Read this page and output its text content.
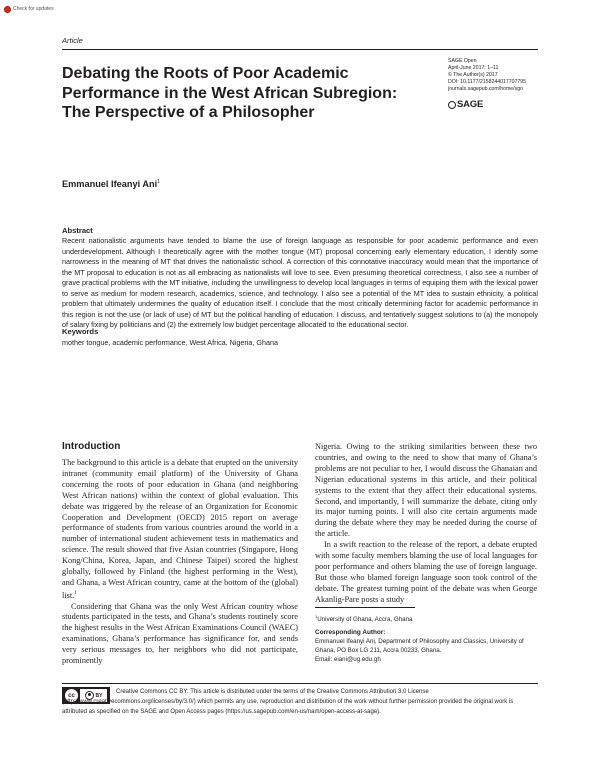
Check for updates
Article
Debating the Roots of Poor Academic Performance in the West African Subregion: The Perspective of a Philosopher
SAGE Open
April-June 2017: 1–11
© The Author(s) 2017
DOI: 10.1177/2158244017707795
journals.sagepub.com/home/sgo
SAGE
Emmanuel Ifeanyi Ani$^1$
Abstract

Recent nationalistic arguments have tended to blame the use of foreign language as responsible for poor academic performance and even underdevelopment. Although I theoretically agree with the mother tongue (MT) proposal concerning early elementary education, I identify some narrowness in the meaning of MT that drives the nationalistic school. A correction of this connotative inaccuracy would mean that the importance of the MT proposal to education is not as all embracing as nationalists will love to see. Even presuming theoretical correctness, I also see a number of grave practical problems with the MT initiative, including the unwillingness to develop local languages in terms of equiping them with the lexical power to serve as medium for modern research, academics, science, and technology. I also see a potential of the MT idea to sustain ethnicity, a political problem that ultimately undermines the quality of education itself. I conclude that the most critically determining factor for academic performance in this region is not the use (or lack of use) of MT but the political handling of education. I discuss, and tentatively suggest solutions to (a) the monopoly of salary fixing by politicians and (2) the extremely low budget percentage allocated to the educational sector.

Keywords
mother tongue, academic performance, West Africa, Nigeria, Ghana
Introduction

The background to this article is a debate that erupted on the university intranet (community email platform) of the University of Ghana concerning the roots of poor education in Ghana (and neighboring West African nations) within the context of global evaluation. This debate was triggered by the release of an Organization for Economic Cooperation and Development (OECD) 2015 report on average performance of students from various countries around the world in a number of international student achievement tests in mathematics and science. The result showed that five Asian countries (Singapore, Hong Kong/China, Korea, Japan, and Chinese Taipei) scored the highest globally, followed by Finland (the highest performing in the West), and Ghana, a West African country, came at the bottom of the (global) list.$^1$

Considering that Ghana was the only West African country whose students participated in the tests, and Ghana’s students routinely score the highest results in the West African Examinations Council (WAEC) examinations, Ghana’s performance has significance for, and sends very serious messages to, her neighbors who did not participate, prominently

Nigeria. Owing to the striking similarities between these two countries, and owing to the need to show that many of Ghana’s problems are not peculiar to her, I would discuss the Ghanaian and Nigerian educational systems in this article, and their political systems to the extent that they affect their educational systems. Second, and importantly, I will summarize the debate, citing only its major turning points. I will also cite certain arguments made during the debate where they may be needed during the course of the article.

In a swift reaction to the release of the report, a debate erupted with some faculty members blaming the use of local languages for poor performance and others blaming the use of foreign language. But those who blamed foreign language soon took control of the debate. The greatest turning point of the debate was when George Akanlig-Pare posts a study

$^1$University of Ghana, Accra, Ghana
Corresponding Author:
Emmanuel Ifeanyi Ani, Department of Philosophy and Classics, University of Ghana, PO Box LG 211, Accra 00233, Ghana.
Email: eiani@ug.edu.gh
cc	BY

Creative Commons CC BY: This article is distributed under the terms of the Creative Commons Attribution 3.0 License (http://www.creativecommons.org/licenses/by/3.0/) which permits any use, reproduction and distribution of the work without further permission provided the original work is attributed as specified on the SAGE and Open Access pages (https://us.sagepub.com/en-us/nam/open-access-at-sage).
